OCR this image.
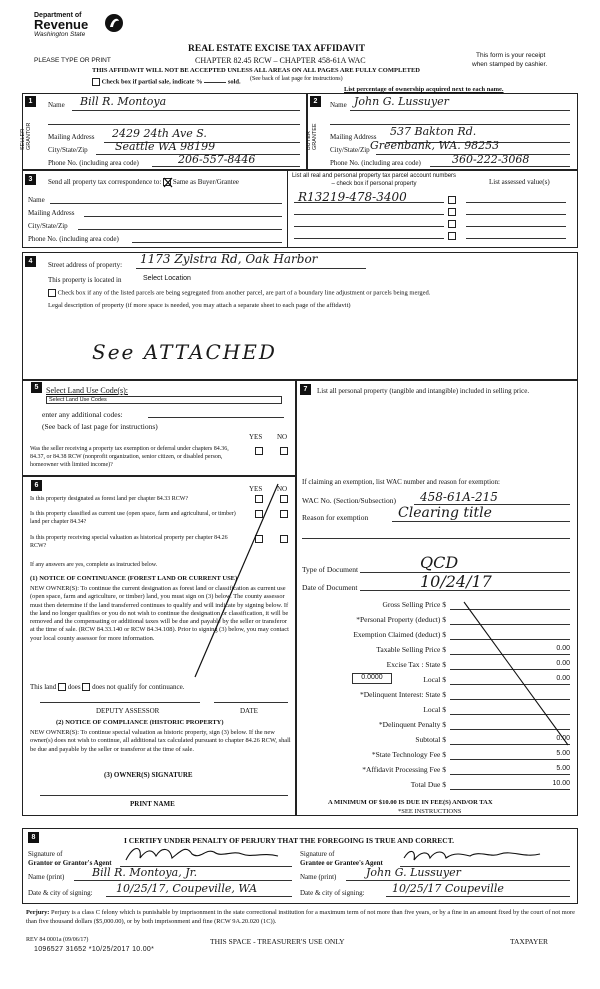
Department of
Revenue
Washington State
PLEASE TYPE OR PRINT
REAL ESTATE EXCISE TAX AFFIDAVIT
CHAPTER 82.45 RCW – CHAPTER 458-61A WAC
THIS AFFIDAVIT WILL NOT BE ACCEPTED UNLESS ALL AREAS ON ALL PAGES ARE FULLY COMPLETED
This form is your receipt
when stamped by cashier.
Check box if partial sale, indicate %	sold. (See back of last page for instructions)
List percentage of ownership acquired next to each name.
1	2
SELLER GRANTOR	BUYER GRANTEE
Name Bill R. Montoya
Mailing Address 2429 24th Ave S.
City/State/Zip Seattle WA 98199
Phone No. (including area code)	206-557-8446
Name John G. Lussuyer
Mailing Address 537 Bakton Rd.
City/State/Zip Greenbank, WA. 98253
Phone No. (including area code)	360-222-3068
3	Send all property tax correspondence to: Same as Buyer/Grantee
Name
Mailing Address
City/State/Zip
Phone No. (including area code)
List all real and personal property tax parcel account numbers – check box if personal property	List assessed value(s)
R13219-478-3400
4	Street address of property: 1173 Zylstra Rd, Oak Harbor
This property is located in	Select Location
Check box if any of the listed parcels are being segregated from another parcel, are part of a boundary line adjustment or parcels being merged.
Legal description of property (if more space is needed, you may attach a separate sheet to each page of the affidavit)
See ATTACHED
5 Select Land Use Code(s):
Select Land Use Codes
enter any additional codes:
(See back of last page for instructions)
YES NO
Was the seller receiving a property tax exemption or deferral under chapters 84.36, 84.37, or 84.38 RCW (nonprofit organization, senior citizen, or disabled person, homeowner with limited income)?
6	YES NO
Is this property designated as forest land per chapter 84.33 RCW?
Is this property classified as current use (open space, farm and agricultural, or timber) land per chapter 84.34?
Is this property receiving special valuation as historical property per chapter 84.26 RCW?
If any answers are yes, complete as instructed below.
(1) NOTICE OF CONTINUANCE (FOREST LAND OR CURRENT USE)
NEW OWNER(S): To continue the current designation as forest land or classification as current use (open space, farm and agriculture, or timber) land, you must sign on (3) below. The county assessor must then determine if the land transferred continues to qualify and will indicate by signing below. If the land no longer qualifies or you do not wish to continue the designation or classification, it will be removed and the compensating or additional taxes will be due and payable by the seller or transferor at the time of sale. (RCW 84.33.140 or RCW 84.34.108). Prior to signing (3) below, you may contact your local county assessor for more information.
This land does does not qualify for continuance.
DEPUTY ASSESSOR	DATE
(2) NOTICE OF COMPLIANCE (HISTORIC PROPERTY)
NEW OWNER(S): To continue special valuation as historic property, sign (3) below. If the new owner(s) does not wish to continue, all additional tax calculated pursuant to chapter 84.26 RCW, shall be due and payable by the seller or transferor at the time of sale.
(3) OWNER(S) SIGNATURE
PRINT NAME
7	List all personal property (tangible and intangible) included in selling price.
If claiming an exemption, list WAC number and reason for exemption:
WAC No. (Section/Subsection) 458-61A-215
Reason for exemption Clearing title
Type of Document	QCD
Date of Document	10/24/17
Gross Selling Price $
*Personal Property (deduct) $
Exemption Claimed (deduct) $
Taxable Selling Price $	0.00
Excise Tax : State $	0.00
0.0000	Local $	0.00
*Delinquent Interest: State $
Local $
*Delinquent Penalty $
Subtotal $	0.00
*State Technology Fee $	5.00
*Affidavit Processing Fee $	5.00
Total Due $	10.00
A MINIMUM OF $10.00 IS DUE IN FEE(S) AND/OR TAX
*SEE INSTRUCTIONS
8	I CERTIFY UNDER PENALTY OF PERJURY THAT THE FOREGOING IS TRUE AND CORRECT.
Signature of
Grantor or Grantor's Agent
Name (print)	Bill R. Montoya, Jr.
Date & city of signing: 10/25/17, Coupeville, WA
Signature of
Grantee or Grantee's Agent
Name (print)	John G. Lussuyer
Date & city of signing: 10/25/17 Coupeville
Perjury: Perjury is a class C felony which is punishable by imprisonment in the state correctional institution for a maximum term of not more than five years, or by a fine in an amount fixed by the court of not more than five thousand dollars ($5,000.00), or by both imprisonment and fine (RCW 9A.20.020 (1C)).
REV 84 0001a (09/06/17)
1096527 31652 *10/25/2017 10.00*
THIS SPACE - TREASURER'S USE ONLY	TAXPAYER
